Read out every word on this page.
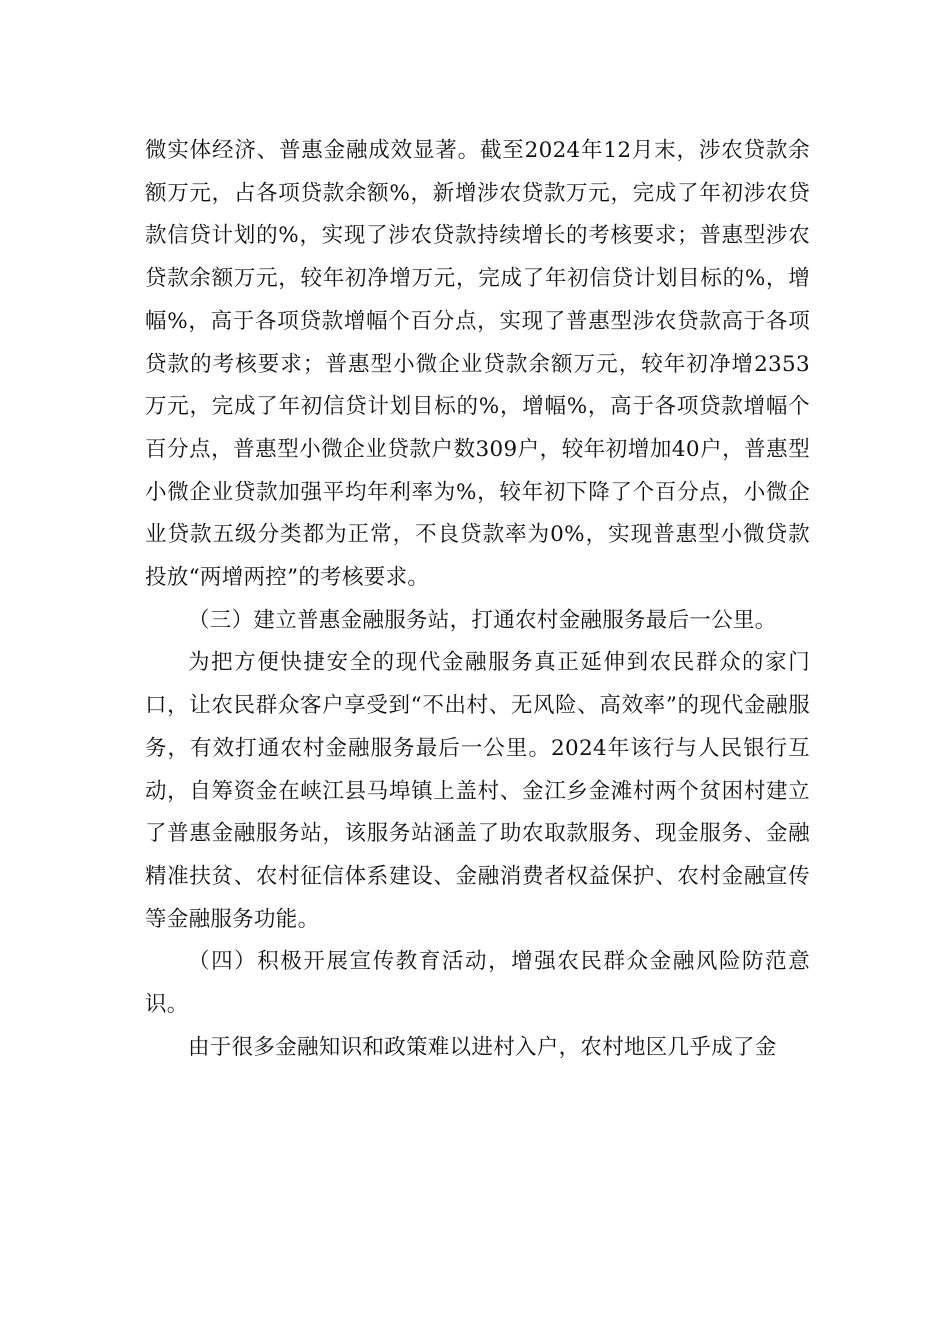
微实体经济、普惠金融成效显著。截至2024年12月末，涉农贷款余额万元，占各项贷款余额%，新增涉农贷款万元，完成了年初涉农贷款信贷计划的%，实现了涉农贷款持续增长的考核要求；普惠型涉农贷款余额万元，较年初净增万元，完成了年初信贷计划目标的%，增幅%，高于各项贷款增幅个百分点，实现了普惠型涉农贷款高于各项贷款的考核要求；普惠型小微企业贷款余额万元，较年初净增2353万元，完成了年初信贷计划目标的%，增幅%，高于各项贷款增幅个百分点，普惠型小微企业贷款户数309户，较年初增加40户，普惠型小微企业贷款加强平均年利率为%，较年初下降了个百分点，小微企业贷款五级分类都为正常，不良贷款率为0%，实现普惠型小微贷款投放“两增两控”的考核要求。

（三）建立普惠金融服务站，打通农村金融服务最后一公里。

为把方便快捷安全的现代金融服务真正延伸到农民群众的家门口，让农民群众客户享受到“不出村、无风险、高效率”的现代金融服务，有效打通农村金融服务最后一公里。2024年该行与人民银行互动，自筹资金在峡江县马埠镇上盖村、金江乡金滩村两个贫困村建立了普惠金融服务站，该服务站涵盖了助农取款服务、现金服务、金融精准扶贫、农村征信体系建设、金融消费者权益保护、农村金融宣传等金融服务功能。

（四）积极开展宣传教育活动，增强农民群众金融风险防范意识。

由于很多金融知识和政策难以进村入户，农村地区几乎成了金
